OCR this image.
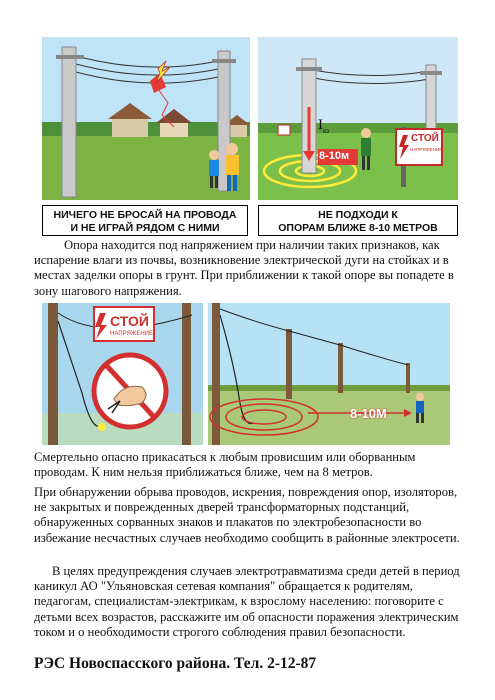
$I_{кз}$
8-10м
СТОЙ
НАПРЯЖЕНИЕ
НИЧЕГО НЕ БРОСАЙ НА ПРОВОДА
И НЕ ИГРАЙ РЯДОМ С НИМИ
НЕ ПОДХОДИ К
ОПОРАМ БЛИЖЕ 8-10 МЕТРОВ
Опора находится под напряжением при наличии таких признаков, как испарение влаги из почвы, возникновение электрической дуги на стойках и в местах заделки опоры в грунт. При приближении к такой опоре вы попадете в зону шагового напряжения.
СТОЙ
НАПРЯЖЕНИЕ
8-10М
Смертельно опасно прикасаться к любым провисшим или оборванным проводам. К ним нельзя приближаться ближе, чем на 8 метров.
При обнаружении обрыва проводов, искрения, повреждения опор, изоляторов, не закрытых и поврежденных дверей трансформаторных подстанций, обнаруженных сорванных знаков и плакатов по электробезопасности во избежание несчастных случаев необходимо сообщить в районные электросети.
В целях предупреждения случаев электротравматизма среди детей в период каникул АО "Ульяновская сетевая компания" обращается к родителям, педагогам, специалистам-электрикам, к взрослому населению: поговорите с детьми всех возрастов, расскажите им об опасности поражения электрическим током и о необходимости строгого соблюдения правил безопасности.
РЭС Новоспасского района. Тел. 2-12-87
